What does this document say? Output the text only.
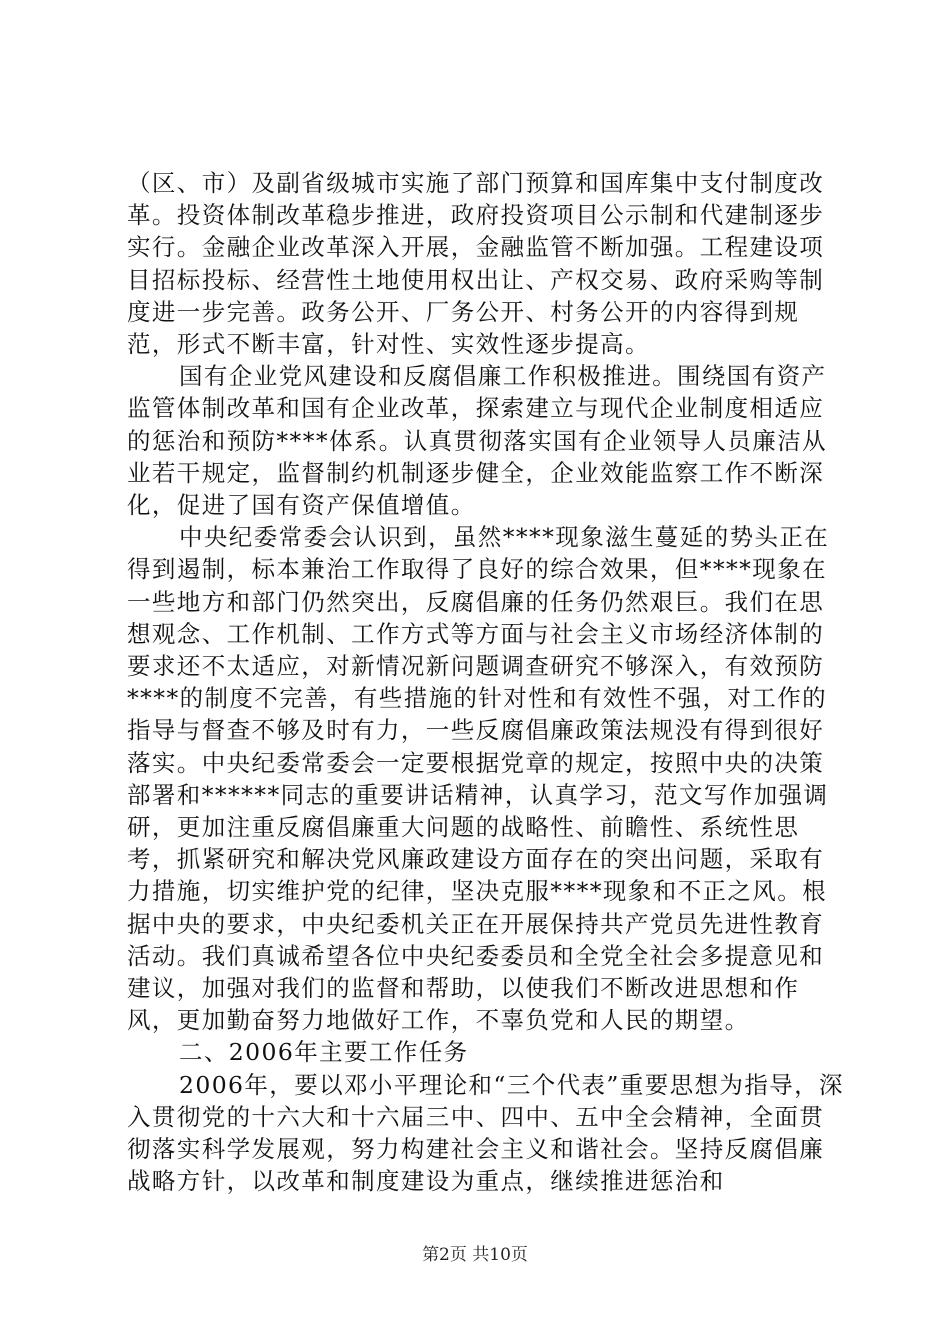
（区、市）及副省级城市实施了部门预算和国库集中支付制度改革。投资体制改革稳步推进，政府投资项目公示制和代建制逐步实行。金融企业改革深入开展，金融监管不断加强。工程建设项目招标投标、经营性土地使用权出让、产权交易、政府采购等制度进一步完善。政务公开、厂务公开、村务公开的内容得到规范，形式不断丰富，针对性、实效性逐步提高。

国有企业党风建设和反腐倡廉工作积极推进。围绕国有资产监管体制改革和国有企业改革，探索建立与现代企业制度相适应的惩治和预防****体系。认真贯彻落实国有企业领导人员廉洁从业若干规定，监督制约机制逐步健全，企业效能监察工作不断深化，促进了国有资产保值增值。

中央纪委常委会认识到，虽然****现象滋生蔓延的势头正在得到遏制，标本兼治工作取得了良好的综合效果，但****现象在一些地方和部门仍然突出，反腐倡廉的任务仍然艰巨。我们在思想观念、工作机制、工作方式等方面与社会主义市场经济体制的要求还不太适应，对新情况新问题调查研究不够深入，有效预防****的制度不完善，有些措施的针对性和有效性不强，对工作的指导与督查不够及时有力，一些反腐倡廉政策法规没有得到很好落实。中央纪委常委会一定要根据党章的规定，按照中央的决策部署和******同志的重要讲话精神，认真学习，范文写作加强调研，更加注重反腐倡廉重大问题的战略性、前瞻性、系统性思考，抓紧研究和解决党风廉政建设方面存在的突出问题，采取有力措施，切实维护党的纪律，坚决克服****现象和不正之风。根据中央的要求，中央纪委机关正在开展保持共产党员先进性教育活动。我们真诚希望各位中央纪委委员和全党全社会多提意见和建议，加强对我们的监督和帮助，以使我们不断改进思想和作风，更加勤奋努力地做好工作，不辜负党和人民的期望。

二、2006年主要工作任务

2006年，要以邓小平理论和“三个代表”重要思想为指导，深入贯彻党的十六大和十六届三中、四中、五中全会精神，全面贯彻落实科学发展观，努力构建社会主义和谐社会。坚持反腐倡廉战略方针，以改革和制度建设为重点，继续推进惩治和

第2页 共10页
